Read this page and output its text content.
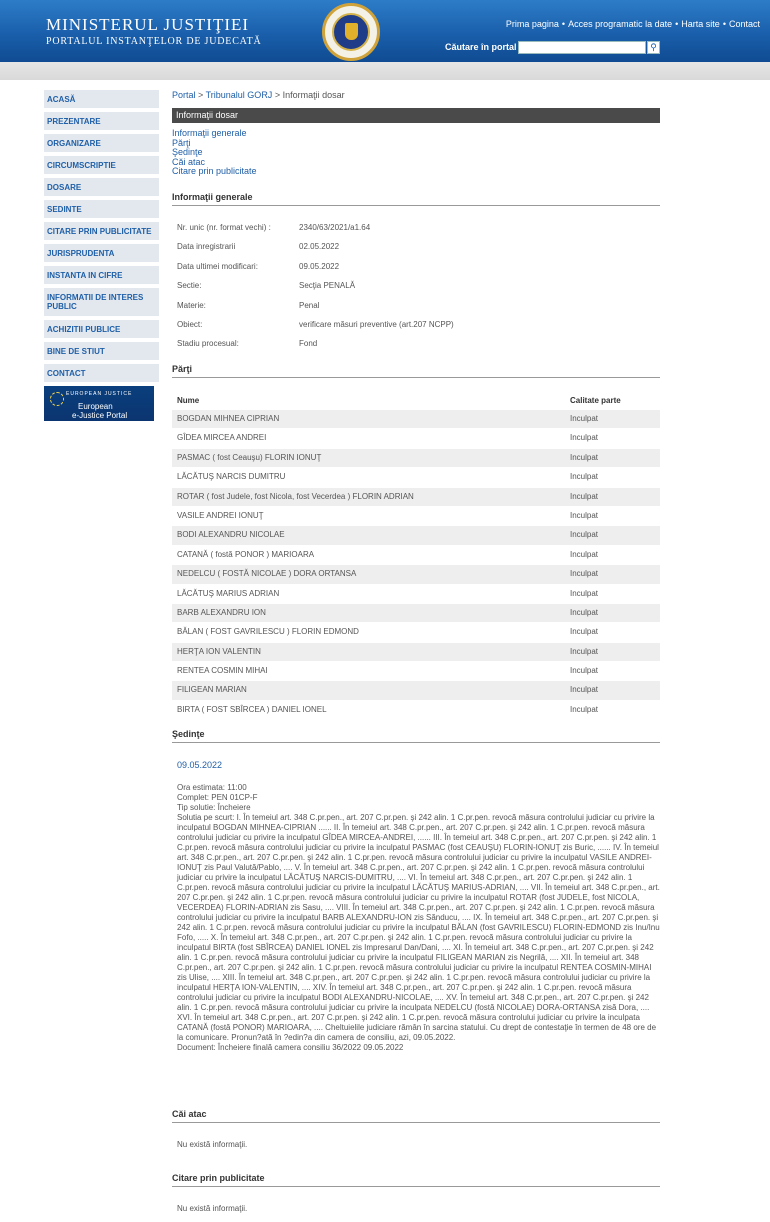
MINISTERUL JUSTIŢIEI
PORTALUL INSTANŢELOR DE JUDECATĂ
Prima pagina • Acces programatic la date • Harta site • Contact
Căutare în portal	⚲
ACASĂ
PREZENTARE
ORGANIZARE
CIRCUMSCRIPTIE
DOSARE
SEDINTE
CITARE PRIN PUBLICITATE
JURISPRUDENTA
INSTANTA IN CIFRE
INFORMATII DE INTERES PUBLIC
ACHIZITII PUBLICE
BINE DE STIUT
CONTACT
EUROPEAN JUSTICE
European
e-Justice Portal
Portal > Tribunalul GORJ > Informaţii dosar
Informaţii dosar
Informaţii generale
Părţi
Şedinţe
Căi atac
Citare prin publicitate
Informaţii generale
Nr. unic (nr. format vechi) :	2340/63/2021/a1.64
Data inregistrarii	02.05.2022
Data ultimei modificari:	09.05.2022
Sectie:	Secţia PENALĂ
Materie:	Penal
Obiect:	verificare măsuri preventive (art.207 NCPP)
Stadiu procesual:	Fond
Părţi
Nume	Calitate parte
BOGDAN MIHNEA CIPRIAN	Inculpat
GÎDEA MIRCEA ANDREI	Inculpat
PASMAC ( fost Ceauşu) FLORIN IONUŢ	Inculpat
LĂCĂTUŞ NARCIS DUMITRU	Inculpat
ROTAR ( fost Judele, fost Nicola, fost Vecerdea ) FLORIN ADRIAN	Inculpat
VASILE ANDREI IONUŢ	Inculpat
BODI ALEXANDRU NICOLAE	Inculpat
CATANĂ ( fostă PONOR ) MARIOARA	Inculpat
NEDELCU ( FOSTĂ NICOLAE ) DORA ORTANSA	Inculpat
LĂCĂTUŞ MARIUS ADRIAN	Inculpat
BARB ALEXANDRU ION	Inculpat
BĂLAN ( FOST GAVRILESCU ) FLORIN EDMOND	Inculpat
HERŢA ION VALENTIN	Inculpat
RENTEA COSMIN MIHAI	Inculpat
FILIGEAN MARIAN	Inculpat
BIRTA ( FOST SBÎRCEA ) DANIEL IONEL	Inculpat
Şedinţe
09.05.2022
Ora estimata: 11:00
Complet: PEN 01CP-F
Tip solutie: Încheiere
Solutia pe scurt: I. În temeiul art. 348 C.pr.pen., art. 207 C.pr.pen. şi 242 alin. 1 C.pr.pen. revocă măsura controlului judiciar cu privire la inculpatul BOGDAN MIHNEA-CIPRIAN ...... II. În temeiul art. 348 C.pr.pen., art. 207 C.pr.pen. şi 242 alin. 1 C.pr.pen. revocă măsura controlului judiciar cu privire la inculpatul GÎDEA MIRCEA-ANDREI, ...... III. În temeiul art. 348 C.pr.pen., art. 207 C.pr.pen. şi 242 alin. 1 C.pr.pen. revocă măsura controlului judiciar cu privire la inculpatul PASMAC (fost CEAUŞU) FLORIN-IONUŢ zis Buric, ...... IV. În temeiul art. 348 C.pr.pen., art. 207 C.pr.pen. şi 242 alin. 1 C.pr.pen. revocă măsura controlului judiciar cu privire la inculpatul VASILE ANDREI-IONUŢ zis Paul Valută/Pablo, .... V. În temeiul art. 348 C.pr.pen., art. 207 C.pr.pen. şi 242 alin. 1 C.pr.pen. revocă măsura controlului judiciar cu privire la inculpatul LĂCĂTUŞ NARCIS-DUMITRU, .... VI. În temeiul art. 348 C.pr.pen., art. 207 C.pr.pen. şi 242 alin. 1 C.pr.pen. revocă măsura controlului judiciar cu privire la inculpatul LĂCĂTUŞ MARIUS-ADRIAN, .... VII. În temeiul art. 348 C.pr.pen., art. 207 C.pr.pen. şi 242 alin. 1 C.pr.pen. revocă măsura controlului judiciar cu privire la inculpatul ROTAR (fost JUDELE, fost NICOLA, VECERDEA) FLORIN-ADRIAN zis Sasu, .... VIII. În temeiul art. 348 C.pr.pen., art. 207 C.pr.pen. şi 242 alin. 1 C.pr.pen. revocă măsura controlului judiciar cu privire la inculpatul BARB ALEXANDRU-ION zis Sănducu, .... IX. În temeiul art. 348 C.pr.pen., art. 207 C.pr.pen. şi 242 alin. 1 C.pr.pen. revocă măsura controlului judiciar cu privire la inculpatul BĂLAN (fost GAVRILESCU) FLORIN-EDMOND zis Inu/Inu Fofo, ..... X. În temeiul art. 348 C.pr.pen., art. 207 C.pr.pen. şi 242 alin. 1 C.pr.pen. revocă măsura controlului judiciar cu privire la inculpatul BIRTA (fost SBÎRCEA) DANIEL IONEL zis Impresarul Dan/Dani, .... XI. În temeiul art. 348 C.pr.pen., art. 207 C.pr.pen. şi 242 alin. 1 C.pr.pen. revocă măsura controlului judiciar cu privire la inculpatul FILIGEAN MARIAN zis Negrilă, .... XII. În temeiul art. 348 C.pr.pen., art. 207 C.pr.pen. şi 242 alin. 1 C.pr.pen. revocă măsura controlului judiciar cu privire la inculpatul RENTEA COSMIN-MIHAI zis Ulise, .... XIII. În temeiul art. 348 C.pr.pen., art. 207 C.pr.pen. şi 242 alin. 1 C.pr.pen. revocă măsura controlului judiciar cu privire la inculpatul HERŢA ION-VALENTIN, .... XIV. În temeiul art. 348 C.pr.pen., art. 207 C.pr.pen. şi 242 alin. 1 C.pr.pen. revocă măsura controlului judiciar cu privire la inculpatul BODI ALEXANDRU-NICOLAE, .... XV. În temeiul art. 348 C.pr.pen., art. 207 C.pr.pen. şi 242 alin. 1 C.pr.pen. revocă măsura controlului judiciar cu privire la inculpata NEDELCU (fostă NICOLAE) DORA-ORTANSA zisă Dora, .... XVI. În temeiul art. 348 C.pr.pen., art. 207 C.pr.pen. şi 242 alin. 1 C.pr.pen. revocă măsura controlului judiciar cu privire la inculpata CATANĂ (fostă PONOR) MARIOARA, .... Cheltuielile judiciare rămân în sarcina statului. Cu drept de contestaţie în termen de 48 ore de la comunicare. Pronun?ată în ?edin?a din camera de consiliu, azi, 09.05.2022.
Document: Încheiere finală camera consiliu 36/2022 09.05.2022
Căi atac
Nu există informaţii.
Citare prin publicitate
Nu există informaţii.
